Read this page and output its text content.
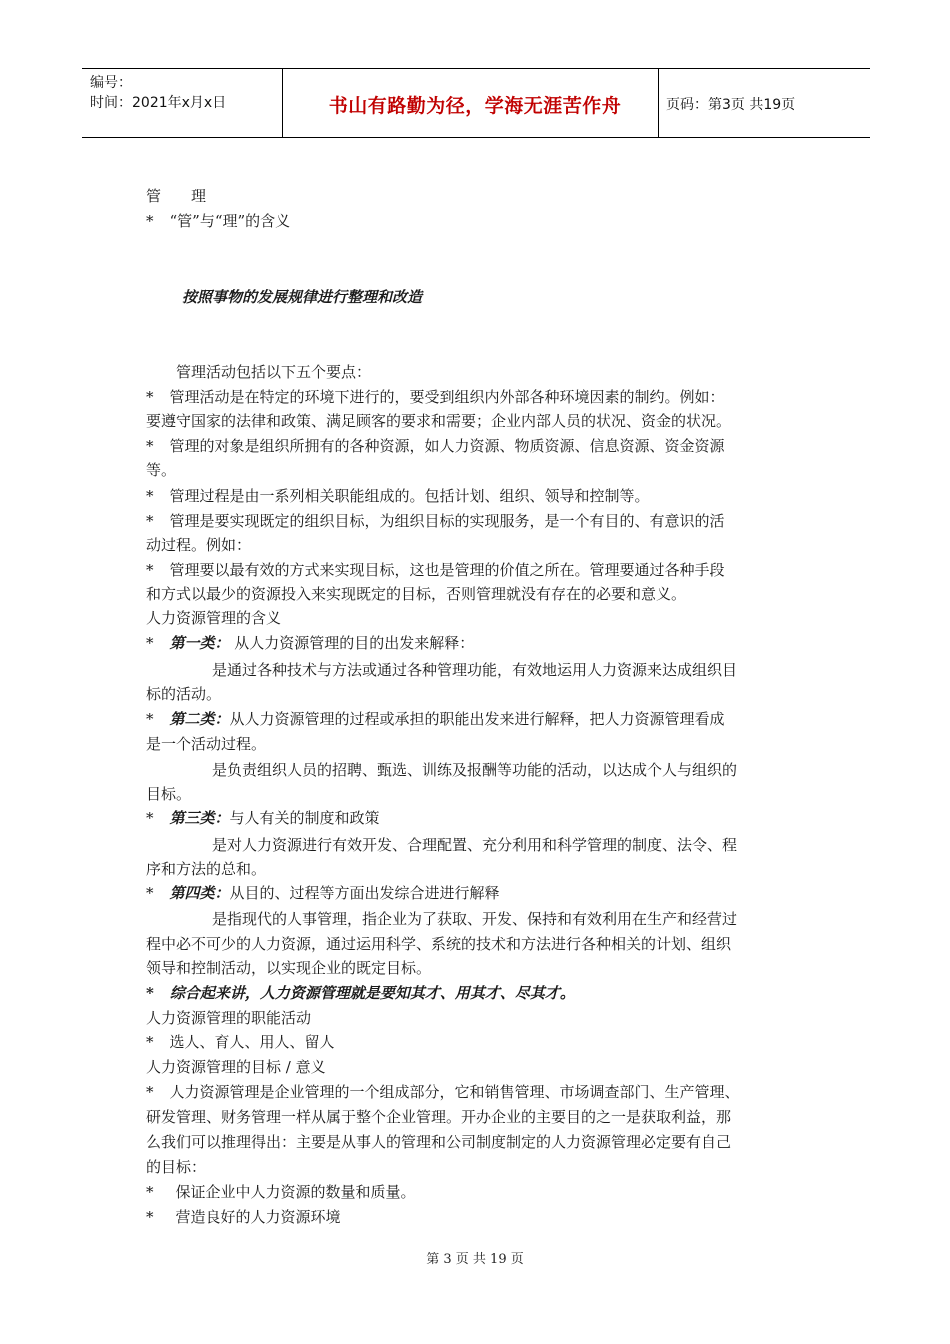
编号：
时间：2021年x月x日	书山有路勤为径，学海无涯苦作舟	页码：第3页 共19页
管　　理
* “管”与“理”的含义
按照事物的发展规律进行整理和改造
管理活动包括以下五个要点：
* 管理活动是在特定的环境下进行的，要受到组织内外部各种环境因素的制约。例如：
要遵守国家的法律和政策、满足顾客的要求和需要；企业内部人员的状况、资金的状况。
* 管理的对象是组织所拥有的各种资源，如人力资源、物质资源、信息资源、资金资源
等。
* 管理过程是由一系列相关职能组成的。包括计划、组织、领导和控制等。
* 管理是要实现既定的组织目标，为组织目标的实现服务，是一个有目的、有意识的活
动过程。例如：
* 管理要以最有效的方式来实现目标，这也是管理的价值之所在。管理要通过各种手段
和方式以最少的资源投入来实现既定的目标，否则管理就没有存在的必要和意义。
人力资源管理的含义
* 第一类： 从人力资源管理的目的出发来解释：
是通过各种技术与方法或通过各种管理功能，有效地运用人力资源来达成组织目
标的活动。
* 第二类：从人力资源管理的过程或承担的职能出发来进行解释，把人力资源管理看成
是一个活动过程。
是负责组织人员的招聘、甄选、训练及报酬等功能的活动，以达成个人与组织的
目标。
* 第三类：与人有关的制度和政策
是对人力资源进行有效开发、合理配置、充分利用和科学管理的制度、法令、程
序和方法的总和。
* 第四类：从目的、过程等方面出发综合进进行解释
是指现代的人事管理，指企业为了获取、开发、保持和有效利用在生产和经营过
程中必不可少的人力资源，通过运用科学、系统的技术和方法进行各种相关的计划、组织
领导和控制活动，以实现企业的既定目标。
* 综合起来讲，人力资源管理就是要知其才、用其才、尽其才。
人力资源管理的职能活动
* 选人、育人、用人、留人
人力资源管理的目标 / 意义
* 人力资源管理是企业管理的一个组成部分，它和销售管理、市场调查部门、生产管理、
研发管理、财务管理一样从属于整个企业管理。开办企业的主要目的之一是获取利益，那
么我们可以推理得出：主要是从事人的管理和公司制度制定的人力资源管理必定要有自己
的目标：
* 保证企业中人力资源的数量和质量。
* 营造良好的人力资源环境
第 3 页 共 19 页
